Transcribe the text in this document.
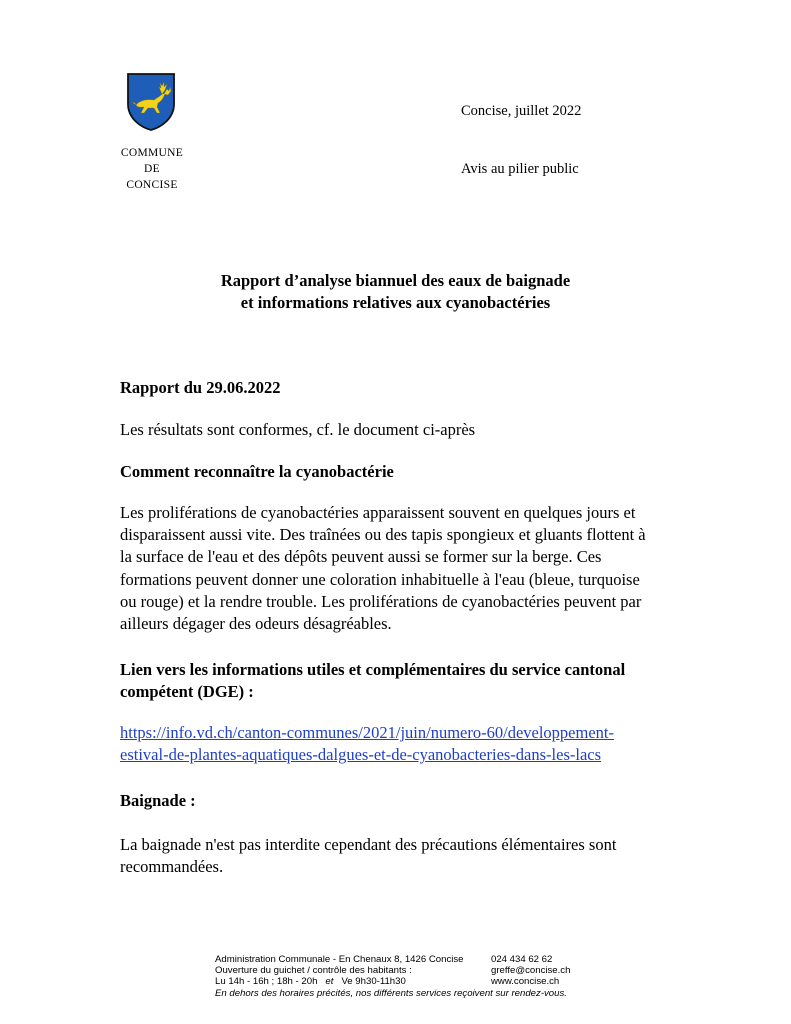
COMMUNE
DE
CONCISE
Concise, juillet 2022
Avis au pilier public
Rapport d’analyse biannuel des eaux de baignade
et informations relatives aux cyanobactéries
Rapport du 29.06.2022
Les résultats sont conformes, cf. le document ci-après
Comment reconnaître la cyanobactérie
Les proliférations de cyanobactéries apparaissent souvent en quelques jours et
disparaissent aussi vite. Des traînées ou des tapis spongieux et gluants flottent à
la surface de l'eau et des dépôts peuvent aussi se former sur la berge. Ces
formations peuvent donner une coloration inhabituelle à l'eau (bleue, turquoise
ou rouge) et la rendre trouble. Les proliférations de cyanobactéries peuvent par
ailleurs dégager des odeurs désagréables.
Lien vers les informations utiles et complémentaires du service cantonal
compétent (DGE) :
https://info.vd.ch/canton-communes/2021/juin/numero-60/developpement-
estival-de-plantes-aquatiques-dalgues-et-de-cyanobacteries-dans-les-lacs
Baignade :
La baignade n'est pas interdite cependant des précautions élémentaires sont
recommandées.
Administration Communale - En Chenaux 8, 1426 Concise	024 434 62 62
Ouverture du guichet / contrôle des habitants :	greffe@concise.ch
Lu 14h - 16h ; 18h - 20h et Ve 9h30-11h30	www.concise.ch
En dehors des horaires précités, nos différents services reçoivent sur rendez-vous.
